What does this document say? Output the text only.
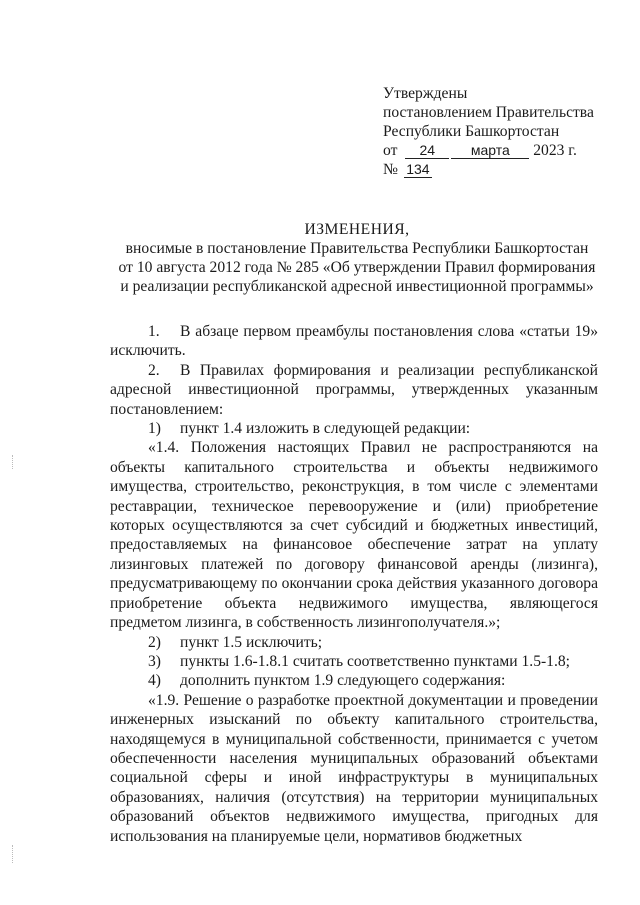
Утверждены
постановлением Правительства
Республики Башкортостан
от 24	марта 2023 г.
№ 134
ИЗМЕНЕНИЯ,
вносимые в постановление Правительства Республики Башкортостан
от 10 августа 2012 года № 285 «Об утверждении Правил формирования
и реализации республиканской адресной инвестиционной программы»

1. В абзаце первом преамбулы постановления слова «статьи 19» исключить.

2. В Правилах формирования и реализации республиканской адресной инвестиционной программы, утвержденных указанным постановлением:

1) пункт 1.4 изложить в следующей редакции:

«1.4. Положения настоящих Правил не распространяются на объекты капитального строительства и объекты недвижимого имущества, строительство, реконструкция, в том числе с элементами реставрации, техническое перевооружение и (или) приобретение которых осуществляются за счет субсидий и бюджетных инвестиций, предоставляемых на финансовое обеспечение затрат на уплату лизинговых платежей по договору финансовой аренды (лизинга), предусматривающему по окончании срока действия указанного договора приобретение объекта недвижимого имущества, являющегося предметом лизинга, в собственность лизингополучателя.»;

2) пункт 1.5 исключить;

3) пункты 1.6-1.8.1 считать соответственно пунктами 1.5-1.8;

4) дополнить пунктом 1.9 следующего содержания:

«1.9. Решение о разработке проектной документации и проведении инженерных изысканий по объекту капитального строительства, находящемуся в муниципальной собственности, принимается с учетом обеспеченности населения муниципальных образований объектами социальной сферы и иной инфраструктуры в муниципальных образованиях, наличия (отсутствия) на территории муниципальных образований объектов недвижимого имущества, пригодных для использования на планируемые цели, нормативов бюджетных
